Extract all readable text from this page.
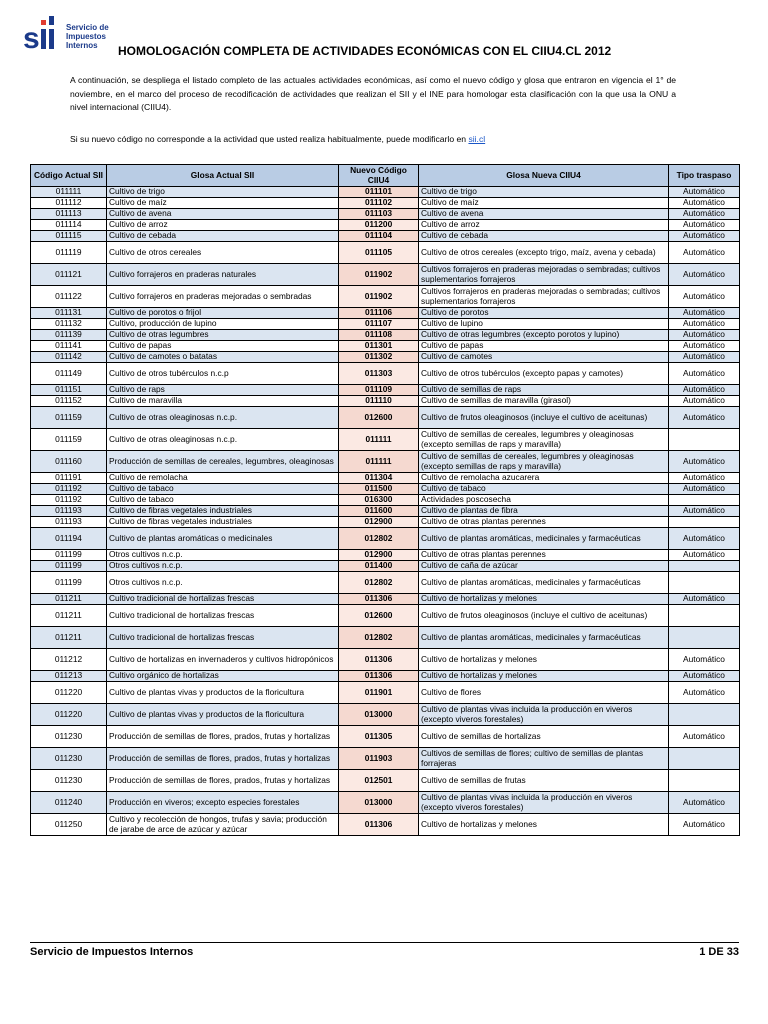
s	Servicio de
Impuestos
Internos	HOMOLOGACIÓN COMPLETA DE ACTIVIDADES ECONÓMICAS CON EL CIIU4.CL 2012
A continuación, se despliega el listado completo de las actuales actividades económicas, así como el nuevo código y glosa que entraron en vigencia el 1° de noviembre, en el marco del proceso de recodificación de actividades que realizan el SII y el INE para homologar esta clasificación con la que usa la ONU a nivel internacional (CIIU4).
Si su nuevo código no corresponde a la actividad que usted realiza habitualmente, puede modificarlo en sii.cl
Código Actual SII	Glosa Actual SII	Nuevo Código CIIU4	Glosa Nueva CIIU4	Tipo traspaso
011111	Cultivo de trigo	011101	Cultivo de trigo	Automático
011112	Cultivo de maíz	011102	Cultivo de maíz	Automático
011113	Cultivo de avena	011103	Cultivo de avena	Automático
011114	Cultivo de arroz	011200	Cultivo de arroz	Automático
011115	Cultivo de cebada	011104	Cultivo de cebada	Automático
011119	Cultivo de otros cereales	011105	Cultivo de otros cereales (excepto trigo, maíz, avena y cebada)	Automático
011121	Cultivo forrajeros en praderas naturales	011902	Cultivos forrajeros en praderas mejoradas o sembradas; cultivos suplementarios forrajeros	Automático
011122	Cultivo forrajeros en praderas mejoradas o sembradas	011902	Cultivos forrajeros en praderas mejoradas o sembradas; cultivos suplementarios forrajeros	Automático
011131	Cultivo de porotos o frijol	011106	Cultivo de porotos	Automático
011132	Cultivo, producción de lupino	011107	Cultivo de lupino	Automático
011139	Cultivo de otras legumbres	011108	Cultivo de otras legumbres (excepto porotos y lupino)	Automático
011141	Cultivo de papas	011301	Cultivo de papas	Automático
011142	Cultivo de camotes o batatas	011302	Cultivo de camotes	Automático
011149	Cultivo de otros tubérculos n.c.p	011303	Cultivo de otros tubérculos (excepto papas y camotes)	Automático
011151	Cultivo de raps	011109	Cultivo de semillas de raps	Automático
011152	Cultivo de maravilla	011110	Cultivo de semillas de maravilla (girasol)	Automático
011159	Cultivo de otras oleaginosas n.c.p.	012600	Cultivo de frutos oleaginosos (incluye el cultivo de aceitunas)	Automático
011159	Cultivo de otras oleaginosas n.c.p.	011111	Cultivo de semillas de cereales, legumbres y oleaginosas (excepto semillas de raps y maravilla)	
011160	Producción de semillas de cereales, legumbres, oleaginosas	011111	Cultivo de semillas de cereales, legumbres y oleaginosas (excepto semillas de raps y maravilla)	Automático
011191	Cultivo de remolacha	011304	Cultivo de remolacha azucarera	Automático
011192	Cultivo de tabaco	011500	Cultivo de tabaco	Automático
011192	Cultivo de tabaco	016300	Actividades poscosecha	
011193	Cultivo de fibras vegetales industriales	011600	Cultivo de plantas de fibra	Automático
011193	Cultivo de fibras vegetales industriales	012900	Cultivo de otras plantas perennes	
011194	Cultivo de plantas aromáticas o medicinales	012802	Cultivo de plantas aromáticas, medicinales y farmacéuticas	Automático
011199	Otros cultivos n.c.p.	012900	Cultivo de otras plantas perennes	Automático
011199	Otros cultivos n.c.p.	011400	Cultivo de caña de azúcar	
011199	Otros cultivos n.c.p.	012802	Cultivo de plantas aromáticas, medicinales y farmacéuticas	
011211	Cultivo tradicional de hortalizas frescas	011306	Cultivo de hortalizas y melones	Automático
011211	Cultivo tradicional de hortalizas frescas	012600	Cultivo de frutos oleaginosos (incluye el cultivo de aceitunas)	
011211	Cultivo tradicional de hortalizas frescas	012802	Cultivo de plantas aromáticas, medicinales y farmacéuticas	
011212	Cultivo de hortalizas en invernaderos y cultivos hidropónicos	011306	Cultivo de hortalizas y melones	Automático
011213	Cultivo orgánico de hortalizas	011306	Cultivo de hortalizas y melones	Automático
011220	Cultivo de plantas vivas y productos de la floricultura	011901	Cultivo de flores	Automático
011220	Cultivo de plantas vivas y productos de la floricultura	013000	Cultivo de plantas vivas incluida la producción en viveros (excepto viveros forestales)	
011230	Producción de semillas de flores, prados, frutas y hortalizas	011305	Cultivo de semillas de hortalizas	Automático
011230	Producción de semillas de flores, prados, frutas y hortalizas	011903	Cultivos de semillas de flores; cultivo de semillas de plantas forrajeras	
011230	Producción de semillas de flores, prados, frutas y hortalizas	012501	Cultivo de semillas de frutas	
011240	Producción en viveros; excepto especies forestales	013000	Cultivo de plantas vivas incluida la producción en viveros (excepto viveros forestales)	Automático
011250	Cultivo y recolección de hongos, trufas y savia; producción de jarabe de arce de azúcar y azúcar	011306	Cultivo de hortalizas y melones	Automático
Servicio de Impuestos Internos	1 DE 33
